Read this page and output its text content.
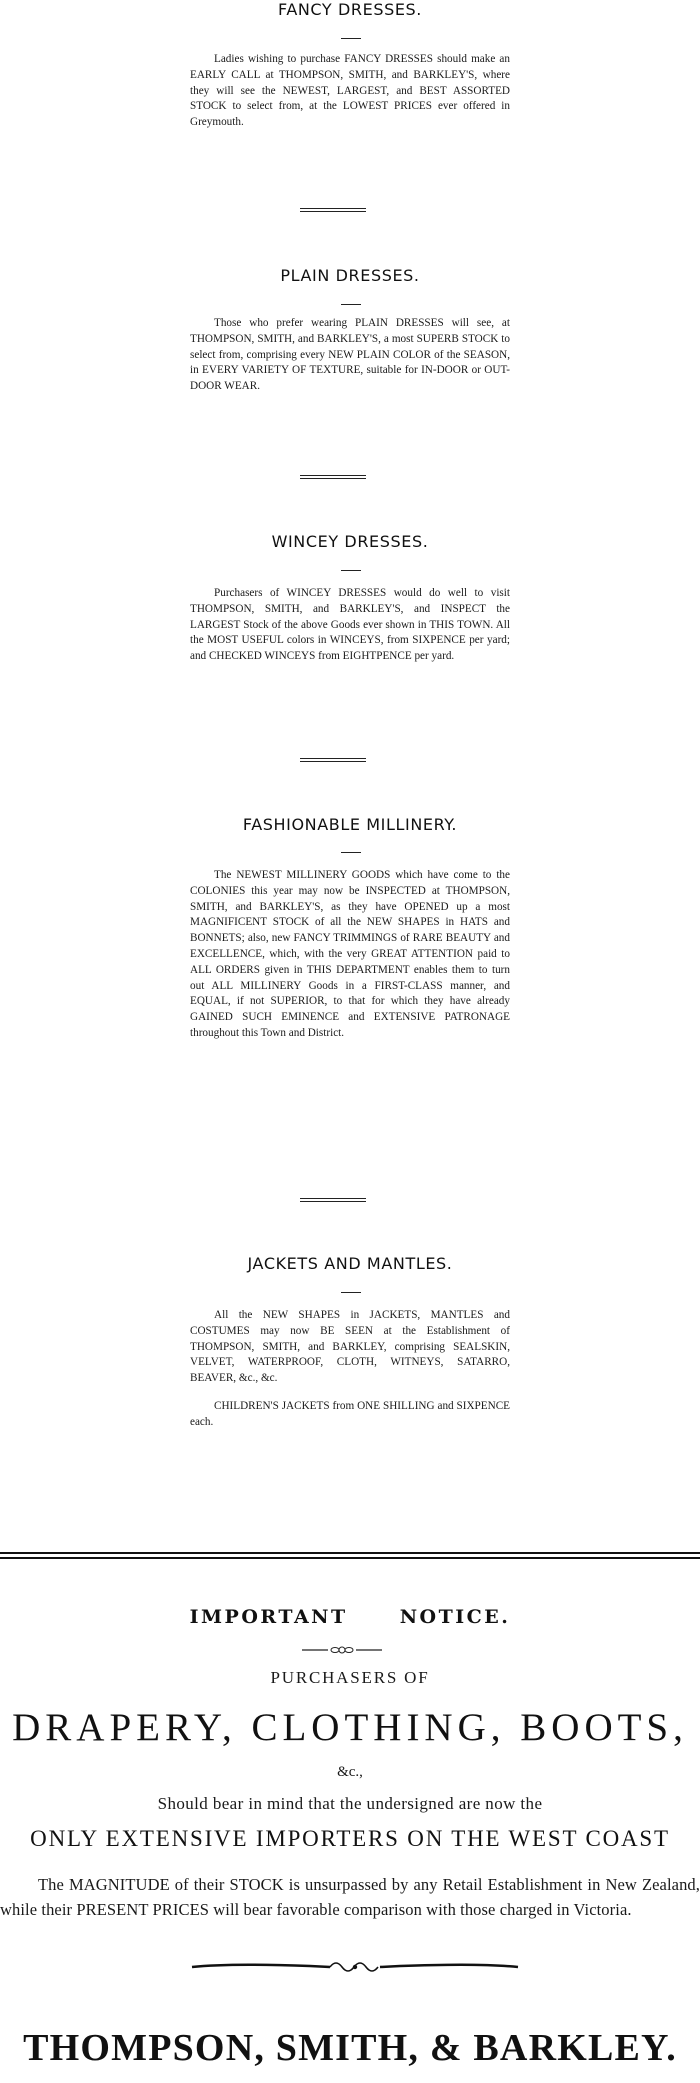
FANCY DRESSES.

Ladies wishing to purchase FANCY DRESSES should make an EARLY CALL at THOMPSON, SMITH, and BARKLEY'S, where they will see the NEWEST, LARGEST, and BEST ASSORTED STOCK to select from, at the LOWEST PRICES ever offered in Greymouth.

PLAIN DRESSES.

Those who prefer wearing PLAIN DRESSES will see, at THOMPSON, SMITH, and BARKLEY'S, a most SUPERB STOCK to select from, comprising every NEW PLAIN COLOR of the SEASON, in EVERY VARIETY OF TEXTURE, suitable for IN-DOOR or OUT-DOOR WEAR.

WINCEY DRESSES.

Purchasers of WINCEY DRESSES would do well to visit THOMPSON, SMITH, and BARKLEY'S, and INSPECT the LARGEST Stock of the above Goods ever shown in THIS TOWN. All the MOST USEFUL colors in WINCEYS, from SIXPENCE per yard; and CHECKED WINCEYS from EIGHTPENCE per yard.

FASHIONABLE MILLINERY.

The NEWEST MILLINERY GOODS which have come to the COLONIES this year may now be INSPECTED at THOMPSON, SMITH, and BARKLEY'S, as they have OPENED up a most MAGNIFICENT STOCK of all the NEW SHAPES in HATS and BONNETS; also, new FANCY TRIMMINGS of RARE BEAUTY and EXCELLENCE, which, with the very GREAT ATTENTION paid to ALL ORDERS given in THIS DEPARTMENT enables them to turn out ALL MILLINERY Goods in a FIRST-CLASS manner, and EQUAL, if not SUPERIOR, to that for which they have already GAINED SUCH EMINENCE and EXTENSIVE PATRONAGE throughout this Town and District.

JACKETS AND MANTLES.

All the NEW SHAPES in JACKETS, MANTLES and COSTUMES may now BE SEEN at the Establishment of THOMPSON, SMITH, and BARKLEY, comprising SEALSKIN, VELVET, WATERPROOF, CLOTH, WITNEYS, SATARRO, BEAVER, &c., &c.

CHILDREN'S JACKETS from ONE SHILLING and SIXPENCE each.

IMPORTANT	NOTICE.
PURCHASERS OF
DRAPERY, CLOTHING, BOOTS,
&c.,
Should bear in mind that the undersigned are now the
ONLY EXTENSIVE IMPORTERS ON THE WEST COAST

The MAGNITUDE of their STOCK is unsurpassed by any Retail Establishment in New Zealand, while their PRESENT PRICES will bear favorable comparison with those charged in Victoria.

THOMPSON, SMITH, & BARKLEY.
